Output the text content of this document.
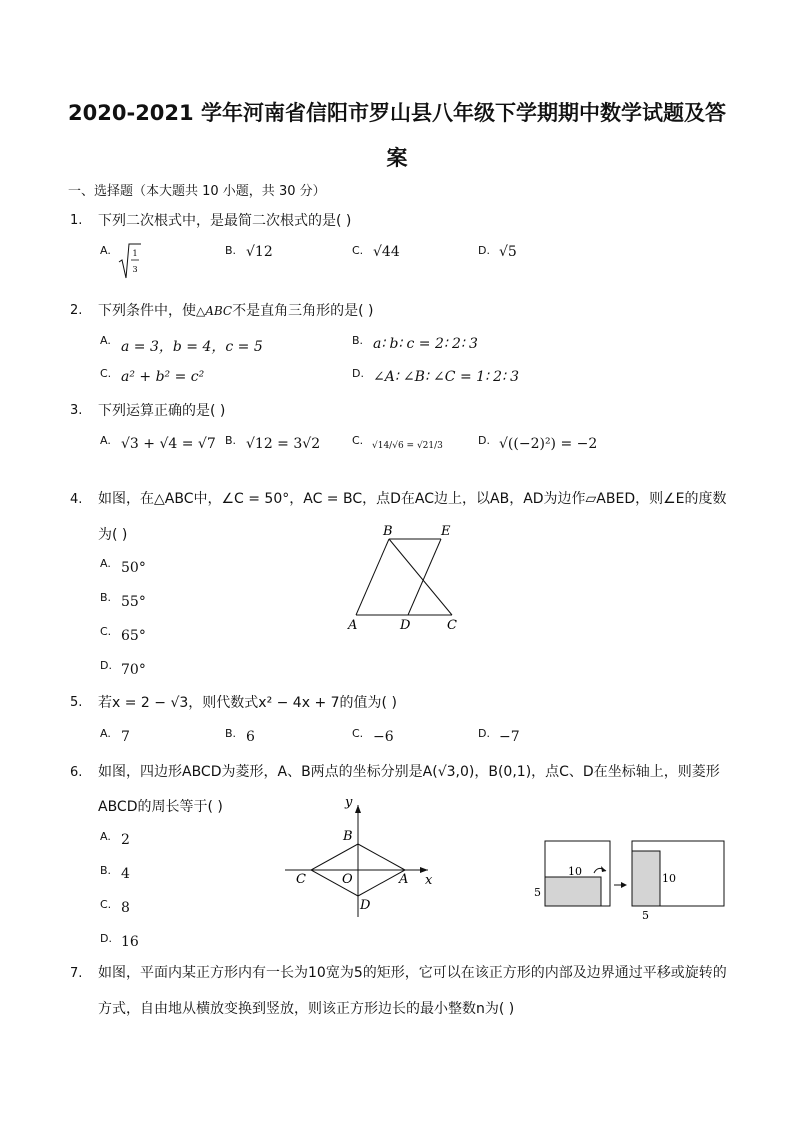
2020-2021 学年河南省信阳市罗山县八年级下学期期中数学试题及答
案
一、选择题（本大题共 10 小题，共 30 分）
1. 下列二次根式中，是最简二次根式的是( )
A.	1
3
B. √12	C. √44	D. √5
2. 下列条件中，使△ABC不是直角三角形的是( )
A. a = 3，b = 4，c = 5	B. a∶ b∶ c = 2∶ 2∶ 3
C. a² + b² = c²	D. ∠A∶ ∠B∶ ∠C = 1∶ 2∶ 3
3. 下列运算正确的是( )
A. √3 + √4 = √7 B. √12 = 3√2	C. √14/√6 = √21/3	D. √((−2)²) = −2
4. 如图，在△ABC中，∠C = 50°，AC = BC，点D在AC边上，以AB，AD为边作▱ABED，则∠E的度数
为( )
A. 50°
B. 55°
C. 65°
D. 70°
A
B
D	C
E
5. 若x = 2 − √3，则代数式x² − 4x + 7的值为( )
A. 7	B. 6	C. −6	D. −7
6. 如图，四边形ABCD为菱形，A、B两点的坐标分别是A(√3,0)，B(0,1)，点C、D在坐标轴上，则菱形
ABCD的周长等于( )
A. 2
B. 4
C. 8
D. 16
y
x
B
C	O	A
D
10
5
10
5
7. 如图，平面内某正方形内有一长为10宽为5的矩形，它可以在该正方形的内部及边界通过平移或旋转的
方式，自由地从横放变换到竖放，则该正方形边长的最小整数n为( )
